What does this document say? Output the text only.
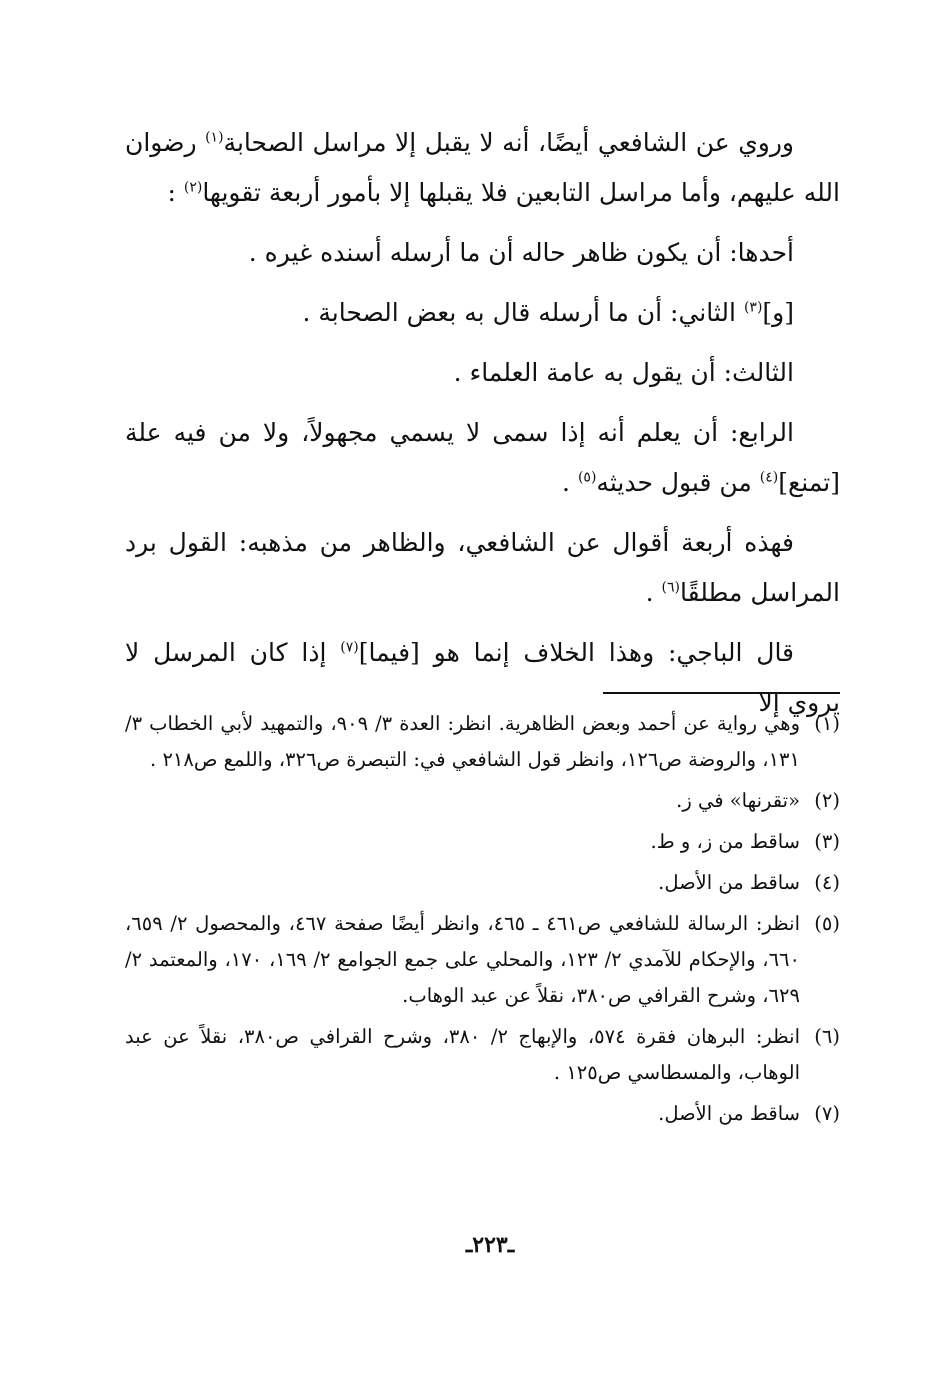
وروي عن الشافعي أيضًا، أنه لا يقبل إلا مراسل الصحابة$^{(١)}$ رضوان الله عليهم، وأما مراسل التابعين فلا يقبلها إلا بأمور أربعة تقويها$^{(٢)}$ :

أحدها: أن يكون ظاهر حاله أن ما أرسله أسنده غيره .

[و]$^{(٣)}$ الثاني: أن ما أرسله قال به بعض الصحابة .

الثالث: أن يقول به عامة العلماء .

الرابع: أن يعلم أنه إذا سمى لا يسمي مجهولاً، ولا من فيه علة [تمنع]$^{(٤)}$ من قبول حديثه$^{(٥)}$ .

فهذه أربعة أقوال عن الشافعي، والظاهر من مذهبه: القول برد المراسل مطلقًا$^{(٦)}$ .

قال الباجي: وهذا الخلاف إنما هو [فيما]$^{(٧)}$ إذا كان المرسل لا يروي إلا

(١)
وهي رواية عن أحمد وبعض الظاهرية. انظر: العدة ٣/ ٩٠٩، والتمهيد لأبي الخطاب ٣/ ١٣١، والروضة ص١٢٦، وانظر قول الشافعي في: التبصرة ص٣٢٦، واللمع ص٢١٨ .
(٢)
«تقرنها» في ز.
(٣)
ساقط من ز، و ط.
(٤)
ساقط من الأصل.
(٥)
انظر: الرسالة للشافعي ص٤٦١ ـ ٤٦٥، وانظر أيضًا صفحة ٤٦٧، والمحصول ٢/ ٦٥٩، ٦٦٠، والإحكام للآمدي ٢/ ١٢٣، والمحلي على جمع الجوامع ٢/ ١٦٩، ١٧٠، والمعتمد ٢/ ٦٢٩، وشرح القرافي ص٣٨٠، نقلاً عن عبد الوهاب.
(٦)
انظر: البرهان فقرة ٥٧٤، والإبهاج ٢/ ٣٨٠، وشرح القرافي ص٣٨٠، نقلاً عن عبد الوهاب، والمسطاسي ص١٢٥ .
(٧)
ساقط من الأصل.
ـ٢٢٣ـ
